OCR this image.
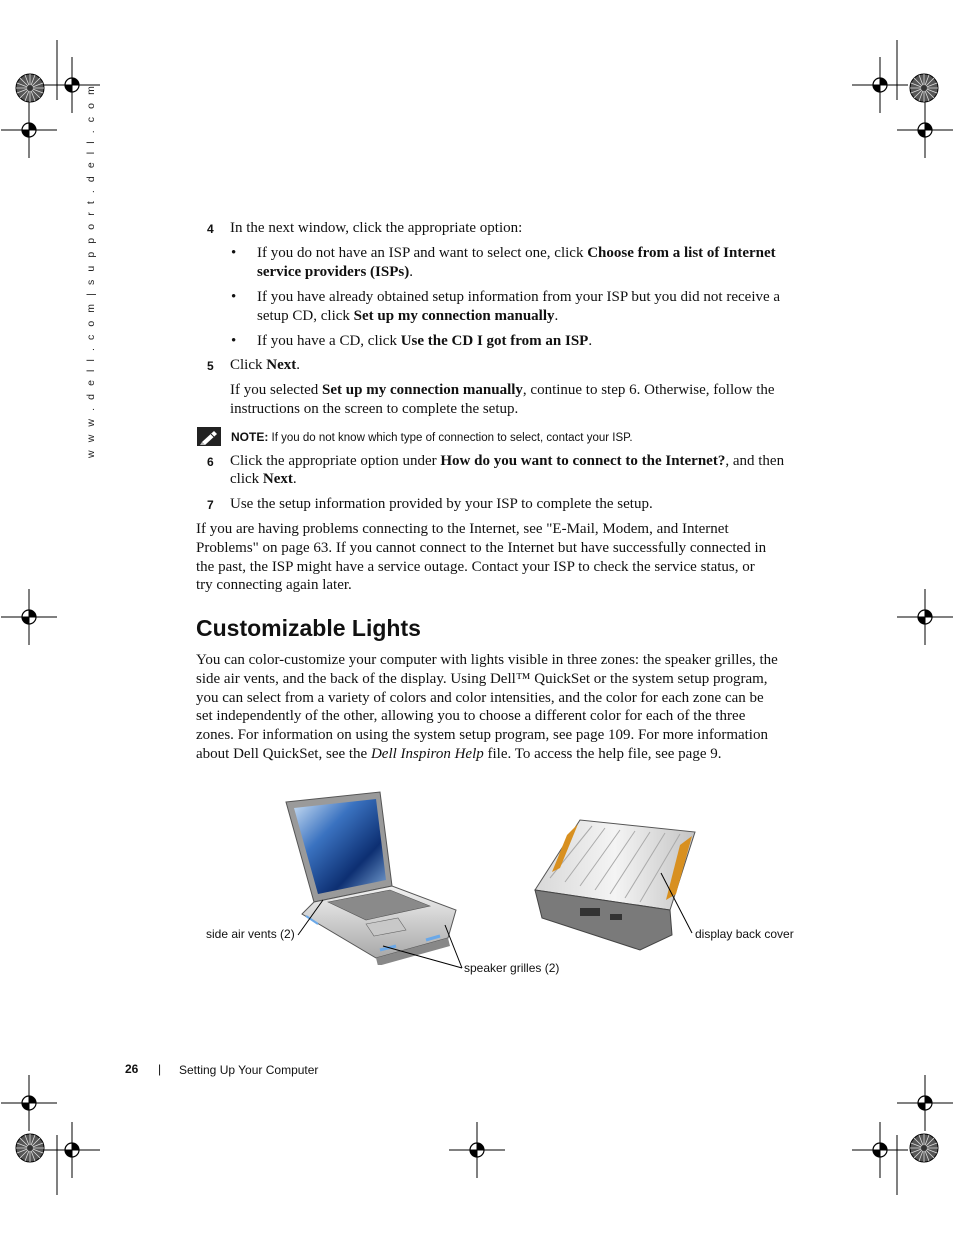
w w w . d e l l . c o m | s u p p o r t . d e l l . c o m	4 In the next window, click the appropriate option:
• If you do not have an ISP and want to select one, click Choose from a list of Internet
service providers (ISPs).
• If you have already obtained setup information from your ISP but you did not receive a
setup CD, click Set up my connection manually.
• If you have a CD, click Use the CD I got from an ISP.
5 Click Next.
If you selected Set up my connection manually, continue to step 6. Otherwise, follow the
instructions on the screen to complete the setup.
NOTE: If you do not know which type of connection to select, contact your ISP.
6 Click the appropriate option under How do you want to connect to the Internet?, and then
click Next.
7 Use the setup information provided by your ISP to complete the setup.
If you are having problems connecting to the Internet, see "E-Mail, Modem, and Internet
Problems" on page 63. If you cannot connect to the Internet but have successfully connected in
the past, the ISP might have a service outage. Contact your ISP to check the service status, or
try connecting again later.
Customizable Lights
You can color-customize your computer with lights visible in three zones: the speaker grilles, the
side air vents, and the back of the display. Using Dell™ QuickSet or the system setup program,
you can select from a variety of colors and color intensities, and the color for each zone can be
set independently of the other, allowing you to choose a different color for each of the three
zones. For information on using the system setup program, see page 109. For more information
about Dell QuickSet, see the Dell Inspiron Help file. To access the help file, see page 9.
side air vents (2)
speaker grilles (2)
display back cover
26 | Setting Up Your Computer
